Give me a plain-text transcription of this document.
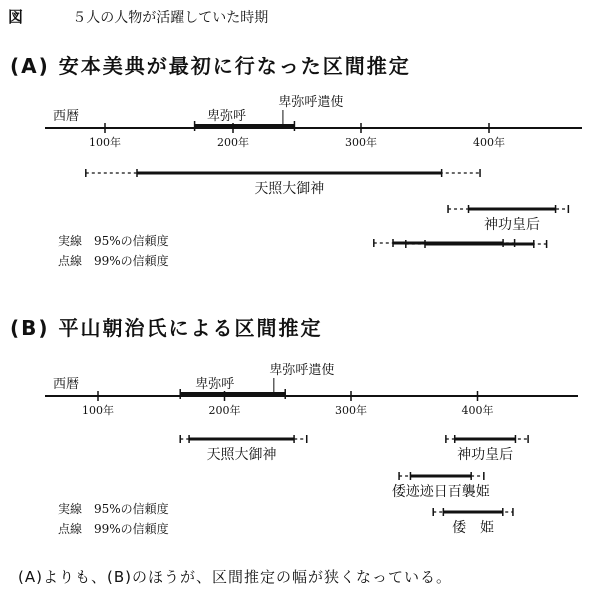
図	５人の人物が活躍していた時期
(A) 安本美典が最初に行なった区間推定
西暦
100年	200年	300年	400年
卑弥呼
卑弥呼遣使
天照大御神
神功皇后
実線　95%の信頼度
点線　99%の信頼度
(B) 平山朝治氏による区間推定
西暦
100年	200年	300年	400年
卑弥呼
卑弥呼遣使
天照大御神	神功皇后
倭迹迹日百襲姫
倭　姫
実線　95%の信頼度
点線　99%の信頼度
(A)よりも、(B)のほうが、区間推定の幅が狭くなっている。
